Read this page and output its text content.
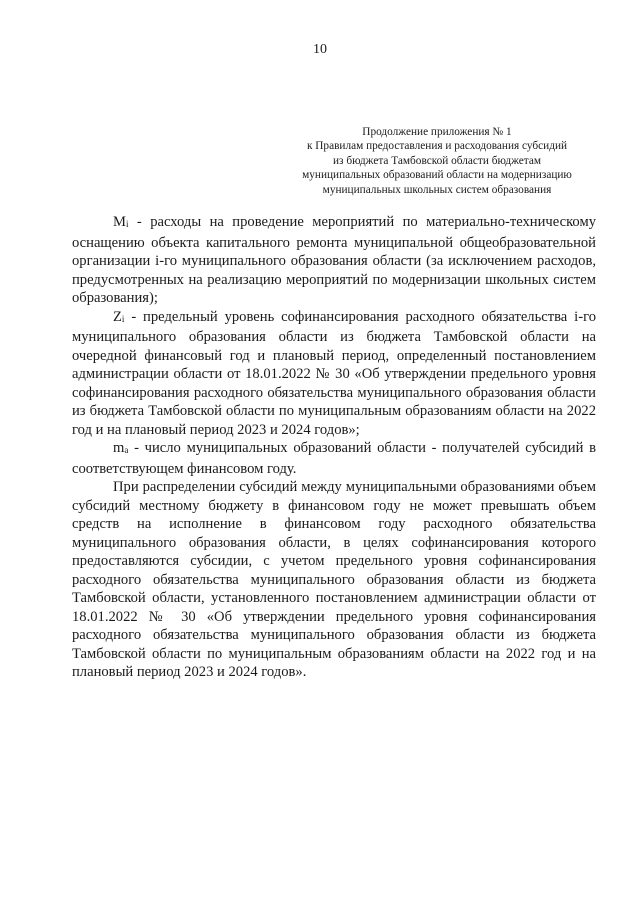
10
Продолжение приложения № 1
к Правилам предоставления и расходования субсидий
из бюджета Тамбовской области бюджетам
муниципальных образований области на модернизацию
муниципальных школьных систем образования

Mi - расходы на проведение мероприятий по материально-техническому оснащению объекта капитального ремонта муниципальной общеобразовательной организации i-го муниципального образования области (за исключением расходов, предусмотренных на реализацию мероприятий по модернизации школьных систем образования);

Zi - предельный уровень софинансирования расходного обязательства i-го муниципального образования области из бюджета Тамбовской области на очередной финансовый год и плановый период, определенный постановлением администрации области от 18.01.2022 № 30 «Об утверждении предельного уровня софинансирования расходного обязательства муниципального образования области из бюджета Тамбовской области по муниципальным образованиям области на 2022 год и на плановый период 2023 и 2024 годов»;

ma - число муниципальных образований области - получателей субсидий в соответствующем финансовом году.

При распределении субсидий между муниципальными образованиями объем субсидий местному бюджету в финансовом году не может превышать объем средств на исполнение в финансовом году расходного обязательства муниципального образования области, в целях софинансирования которого предоставляются субсидии, с учетом предельного уровня софинансирования расходного обязательства муниципального образования области из бюджета Тамбовской области, установленного постановлением администрации области от 18.01.2022 № 30 «Об утверждении предельного уровня софинансирования расходного обязательства муниципального образования области из бюджета Тамбовской области по муниципальным образованиям области на 2022 год и на плановый период 2023 и 2024 годов».
